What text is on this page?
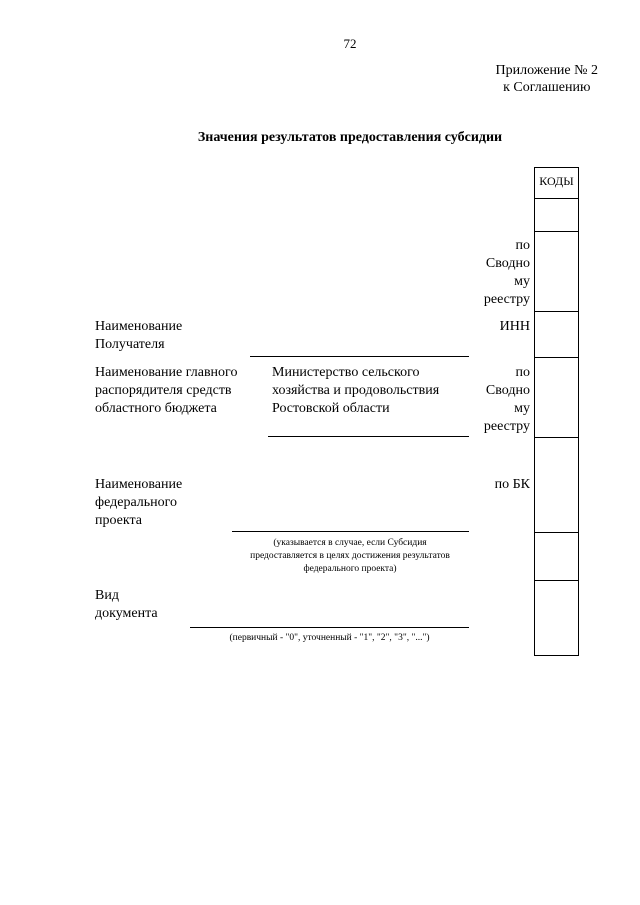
72
Приложение № 2
к Соглашению
Значения результатов предоставления субсидии
КОДЫ
по
Сводно
му
реестру
ИНН
по
Сводно
му
реестру
по БК
Наименование
Получателя
Наименование главного
распорядителя средств
областного бюджета
Министерство сельского
хозяйства и продовольствия
Ростовской области
Наименование
федерального
проекта
(указывается в случае, если Субсидия
предоставляется в целях достижения результатов
федерального проекта)
Вид
документа
(первичный - "0", уточненный - "1", "2", "3", "...")
